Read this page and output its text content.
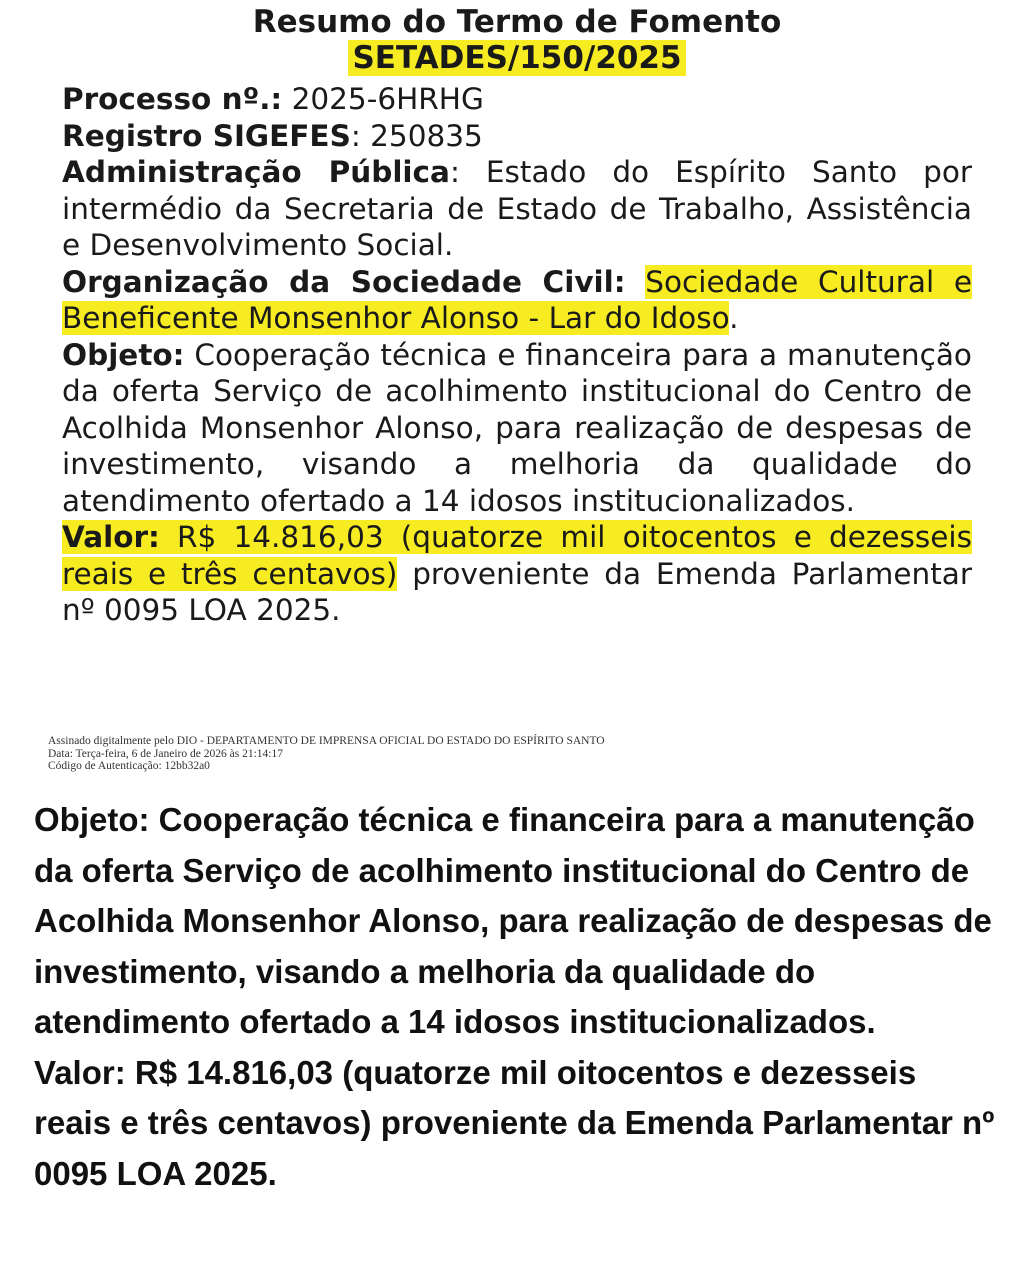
Resumo do Termo de Fomento

SETADES/150/2025

Processo nº.: 2025-6HRHG

Registro SIGEFES: 250835

Administração Pública: Estado do Espírito Santo por intermédio da Secretaria de Estado de Trabalho, Assistência e Desenvolvimento Social.

Organização da Sociedade Civil: Sociedade Cultural e Beneficente Monsenhor Alonso - Lar do Idoso.

Objeto: Cooperação técnica e financeira para a manutenção da oferta Serviço de acolhimento institucional do Centro de Acolhida Monsenhor Alonso, para realização de despesas de investimento, visando a melhoria da qualidade do atendimento ofertado a 14 idosos institucionalizados.

Valor: R$ 14.816,03 (quatorze mil oitocentos e dezesseis reais e três centavos) proveniente da Emenda Parlamentar nº 0095 LOA 2025.

Assinado digitalmente pelo DIO - DEPARTAMENTO DE IMPRENSA OFICIAL DO ESTADO DO ESPÍRITO SANTO
Data: Terça-feira, 6 de Janeiro de 2026 às 21:14:17
Código de Autenticação: 12bb32a0

Objeto: Cooperação técnica e financeira para a manutenção da oferta Serviço de acolhimento institucional do Centro de Acolhida Monsenhor Alonso, para realização de despesas de investimento, visando a melhoria da qualidade do atendimento ofertado a 14 idosos institucionalizados.

Valor: R$ 14.816,03 (quatorze mil oitocentos e dezesseis reais e três centavos) proveniente da Emenda Parlamentar nº 0095 LOA 2025.
